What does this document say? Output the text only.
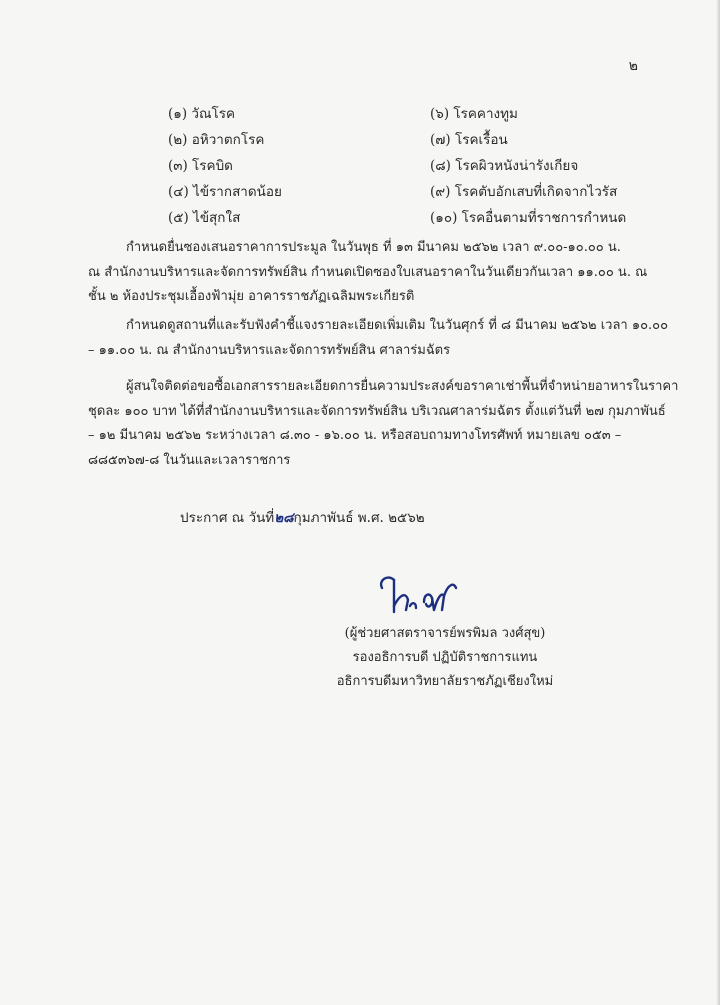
๒
(๑) วัณโรค	(๖) โรคคางทูม
(๒) อหิวาตกโรค	(๗) โรคเรื้อน
(๓) โรคบิด	(๘) โรคผิวหนังน่ารังเกียจ
(๔) ไข้รากสาดน้อย	(๙) โรคตับอักเสบที่เกิดจากไวรัส
(๕) ไข้สุกใส	(๑๐) โรคอื่นตามที่ราชการกำหนด
กำหนดยื่นซองเสนอราคาการประมูล ในวันพุธ ที่ ๑๓ มีนาคม ๒๕๖๒ เวลา ๙.๐๐-๑๐.๐๐ น.
ณ สำนักงานบริหารและจัดการทรัพย์สิน กำหนดเปิดซองใบเสนอราคาในวันเดียวกันเวลา ๑๑.๐๐ น. ณ
ชั้น ๒ ห้องประชุมเอื้องฟ้ามุ่ย อาคารราชภัฏเฉลิมพระเกียรติ
กำหนดดูสถานที่และรับฟังคำชี้แจงรายละเอียดเพิ่มเติม ในวันศุกร์ ที่ ๘ มีนาคม ๒๕๖๒ เวลา ๑๐.๐๐
– ๑๑.๐๐ น. ณ สำนักงานบริหารและจัดการทรัพย์สิน ศาลาร่มฉัตร
ผู้สนใจติดต่อขอซื้อเอกสารรายละเอียดการยื่นความประสงค์ขอราคาเช่าพื้นที่จำหน่ายอาหารในราคา
ชุดละ ๑๐๐ บาท ได้ที่สำนักงานบริหารและจัดการทรัพย์สิน บริเวณศาลาร่มฉัตร ตั้งแต่วันที่ ๒๗ กุมภาพันธ์
– ๑๒ มีนาคม ๒๕๖๒ ระหว่างเวลา ๘.๓๐ - ๑๖.๐๐ น. หรือสอบถามทางโทรศัพท์ หมายเลข ๐๕๓ –
๘๘๕๓๖๗-๘ ในวันและเวลาราชการ
ประกาศ ณ วันที่๒๘กุมภาพันธ์ พ.ศ. ๒๕๖๒
(ผู้ช่วยศาสตราจารย์พรพิมล วงศ์สุข)
รองอธิการบดี ปฏิบัติราชการแทน
อธิการบดีมหาวิทยาลัยราชภัฏเชียงใหม่
